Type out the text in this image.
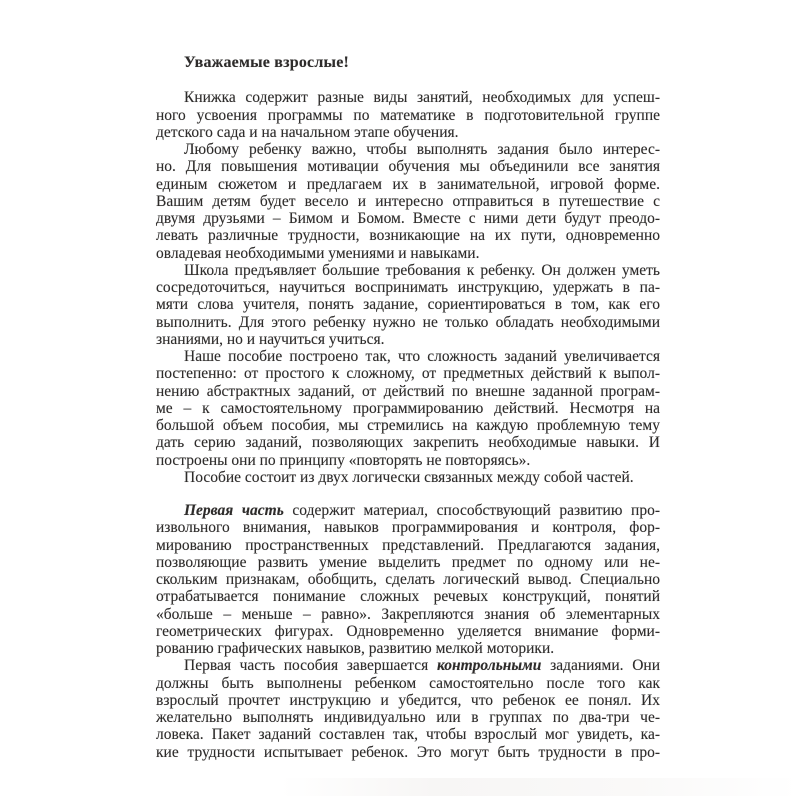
Уважаемые взрослые!
Книжка содержит разные виды занятий, необходимых для успеш-
ного усвоения программы по математике в подготовительной группе
детского сада и на начальном этапе обучения.
Любому ребенку важно, чтобы выполнять задания было интерес-
но. Для повышения мотивации обучения мы объединили все занятия
единым сюжетом и предлагаем их в занимательной, игровой форме.
Вашим детям будет весело и интересно отправиться в путешествие с
двумя друзьями – Бимом и Бомом. Вместе с ними дети будут преодо-
левать различные трудности, возникающие на их пути, одновременно
овладевая необходимыми умениями и навыками.
Школа предъявляет большие требования к ребенку. Он должен уметь
сосредоточиться, научиться воспринимать инструкцию, удержать в па-
мяти слова учителя, понять задание, сориентироваться в том, как его
выполнить. Для этого ребенку нужно не только обладать необходимыми
знаниями, но и научиться учиться.
Наше пособие построено так, что сложность заданий увеличивается
постепенно: от простого к сложному, от предметных действий к выпол-
нению абстрактных заданий, от действий по внешне заданной програм-
ме – к самостоятельному программированию действий. Несмотря на
большой объем пособия, мы стремились на каждую проблемную тему
дать серию заданий, позволяющих закрепить необходимые навыки. И
построены они по принципу «повторять не повторяясь».
Пособие состоит из двух логически связанных между собой частей.
Первая часть содержит материал, способствующий развитию про-
извольного внимания, навыков программирования и контроля, фор-
мированию пространственных представлений. Предлагаются задания,
позволяющие развить умение выделить предмет по одному или не-
скольким признакам, обобщить, сделать логический вывод. Специально
отрабатывается понимание сложных речевых конструкций, понятий
«больше – меньше – равно». Закрепляются знания об элементарных
геометрических фигурах. Одновременно уделяется внимание форми-
рованию графических навыков, развитию мелкой моторики.
Первая часть пособия завершается контрольными заданиями. Они
должны быть выполнены ребенком самостоятельно после того как
взрослый прочтет инструкцию и убедится, что ребенок ее понял. Их
желательно выполнять индивидуально или в группах по два-три че-
ловека. Пакет заданий составлен так, чтобы взрослый мог увидеть, ка-
кие трудности испытывает ребенок. Это могут быть трудности в про-
